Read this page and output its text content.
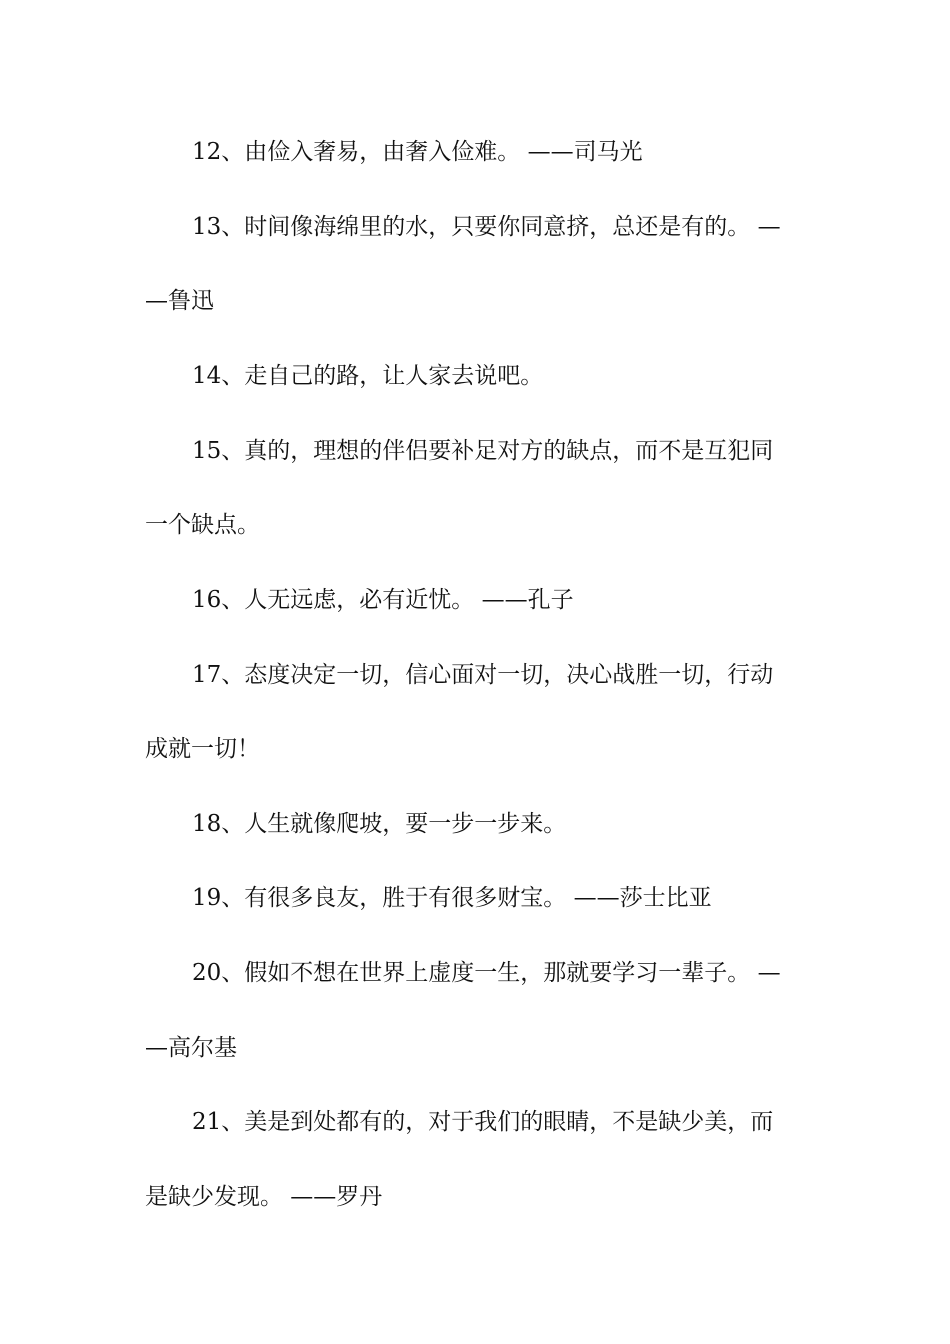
12、由俭入奢易，由奢入俭难。 ——司马光
13、时间像海绵里的水，只要你同意挤，总还是有的。 —
—鲁迅
14、走自己的路，让人家去说吧。
15、真的，理想的伴侣要补足对方的缺点，而不是互犯同
一个缺点。
16、人无远虑，必有近忧。 ——孔子
17、态度决定一切，信心面对一切，决心战胜一切，行动
成就一切！
18、人生就像爬坡，要一步一步来。
19、有很多良友，胜于有很多财宝。 ——莎士比亚
20、假如不想在世界上虚度一生，那就要学习一辈子。 —
—高尔基
21、美是到处都有的，对于我们的眼睛，不是缺少美，而
是缺少发现。 ——罗丹
